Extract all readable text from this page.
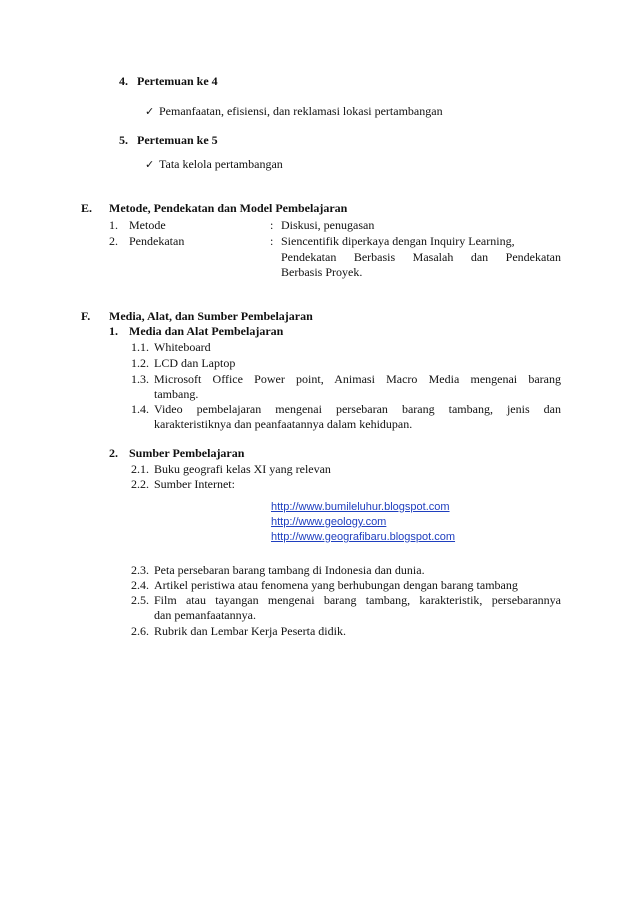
4. Pertemuan ke 4
✓ Pemanfaatan, efisiensi, dan reklamasi lokasi pertambangan
5. Pertemuan ke 5
✓ Tata kelola pertambangan
E. Metode, Pendekatan dan Model Pembelajaran
1. Metode	: Diskusi, penugasan
2. Pendekatan	: Siencentifik diperkaya dengan Inquiry Learning,
Pendekatan Berbasis Masalah dan Pendekatan
Berbasis Proyek.
F. Media, Alat, dan Sumber Pembelajaran
1. Media dan Alat Pembelajaran
1.1. Whiteboard
1.2. LCD dan Laptop
1.3. Microsoft Office Power point, Animasi Macro Media mengenai barang
tambang.
1.4. Video pembelajaran mengenai persebaran barang tambang, jenis dan
karakteristiknya dan peanfaatannya dalam kehidupan.
2. Sumber Pembelajaran
2.1. Buku geografi kelas XI yang relevan
2.2. Sumber Internet:
http://www.bumileluhur.blogspot.com
http://www.geology.com
http://www.geografibaru.blogspot.com
2.3. Peta persebaran barang tambang di Indonesia dan dunia.
2.4. Artikel peristiwa atau fenomena yang berhubungan dengan barang tambang
2.5. Film atau tayangan mengenai barang tambang, karakteristik, persebarannya
dan pemanfaatannya.
2.6. Rubrik dan Lembar Kerja Peserta didik.
